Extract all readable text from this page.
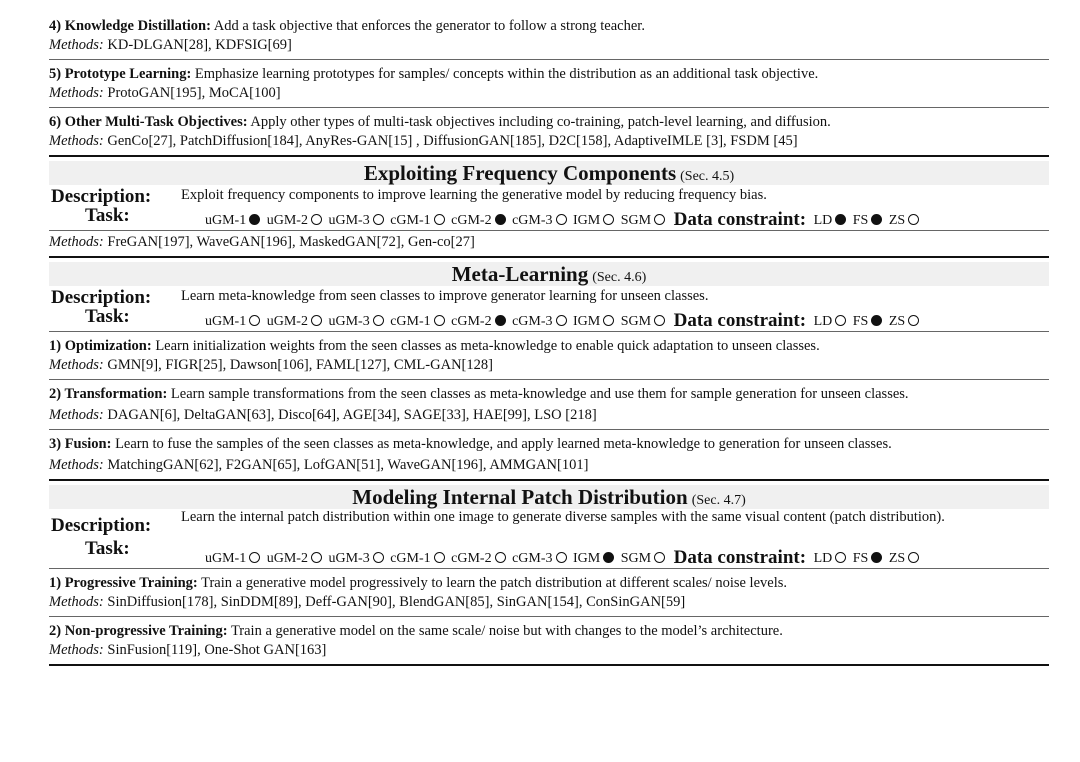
4) Knowledge Distillation: Add a task objective that enforces the generator to follow a strong teacher.
Methods: KD-DLGAN[28], KDFSIG[69]
5) Prototype Learning: Emphasize learning prototypes for samples/ concepts within the distribution as an additional task objective.
Methods: ProtoGAN[195], MoCA[100]
6) Other Multi-Task Objectives: Apply other types of multi-task objectives including co-training, patch-level learning, and diffusion.
Methods: GenCo[27], PatchDiffusion[184], AnyRes-GAN[15] , DiffusionGAN[185], D2C[158], AdaptiveIMLE [3], FSDM [45]
Exploiting Frequency Components (Sec. 4.5)
Description: Exploit frequency components to improve learning the generative model by reducing frequency bias.
Task:	uGM-1 uGM-2 uGM-3 cGM-1 cGM-2 cGM-3 IGM SGM Data constraint: LD FS ZS
Methods: FreGAN[197], WaveGAN[196], MaskedGAN[72], Gen-co[27]
Meta-Learning (Sec. 4.6)
Description: Learn meta-knowledge from seen classes to improve generator learning for unseen classes.
Task:	uGM-1 uGM-2 uGM-3 cGM-1 cGM-2 cGM-3 IGM SGM Data constraint: LD FS ZS
1) Optimization: Learn initialization weights from the seen classes as meta-knowledge to enable quick adaptation to unseen classes.
Methods: GMN[9], FIGR[25], Dawson[106], FAML[127], CML-GAN[128]
2) Transformation: Learn sample transformations from the seen classes as meta-knowledge and use them for sample generation for unseen classes.
Methods: DAGAN[6], DeltaGAN[63], Disco[64], AGE[34], SAGE[33], HAE[99], LSO [218]
3) Fusion: Learn to fuse the samples of the seen classes as meta-knowledge, and apply learned meta-knowledge to generation for unseen classes.
Methods: MatchingGAN[62], F2GAN[65], LofGAN[51], WaveGAN[196], AMMGAN[101]
Modeling Internal Patch Distribution (Sec. 4.7)
Description: Learn the internal patch distribution within one image to generate diverse samples with the same visual content (patch distribution).
Task:	uGM-1 uGM-2 uGM-3 cGM-1 cGM-2 cGM-3 IGM SGM Data constraint: LD FS ZS
1) Progressive Training: Train a generative model progressively to learn the patch distribution at different scales/ noise levels.
Methods: SinDiffusion[178], SinDDM[89], Deff-GAN[90], BlendGAN[85], SinGAN[154], ConSinGAN[59]
2) Non-progressive Training: Train a generative model on the same scale/ noise but with changes to the model’s architecture.
Methods: SinFusion[119], One-Shot GAN[163]
